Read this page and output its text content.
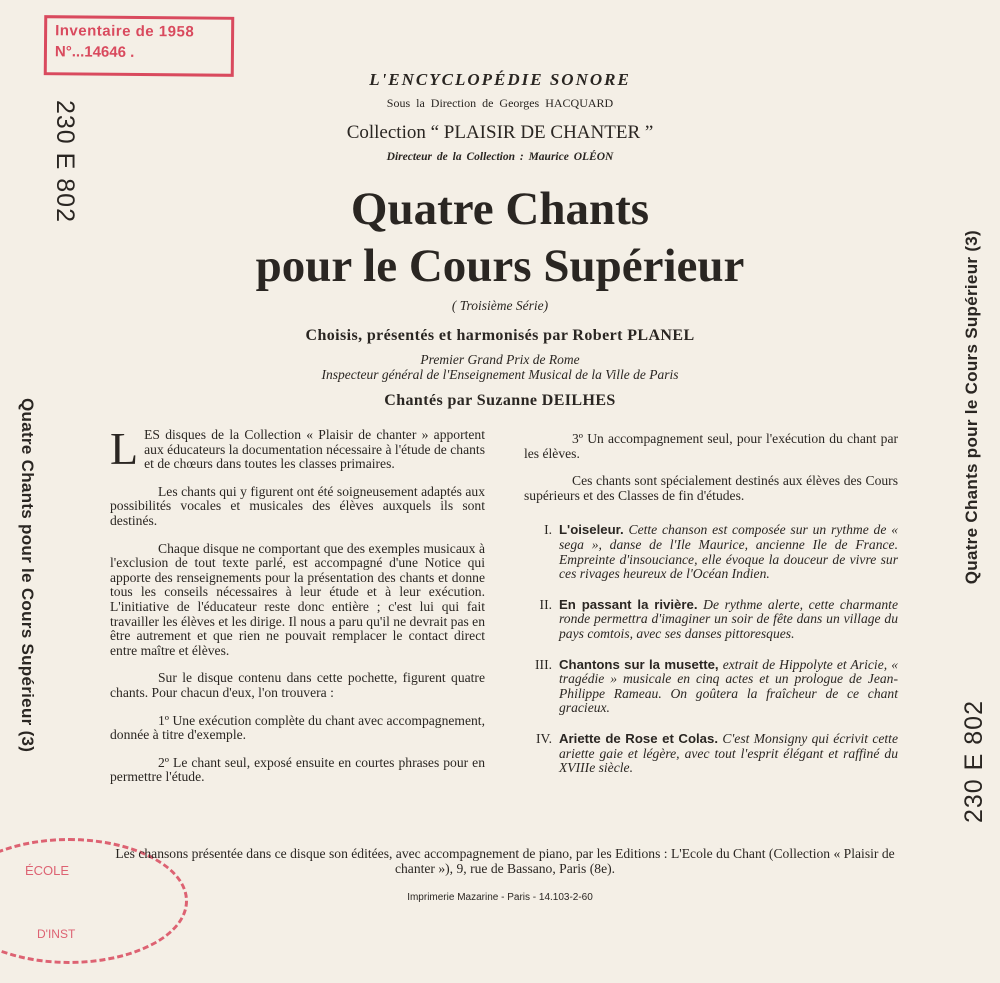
Inventaire de 1958
N°...14646 .
ÉCOLE
D'INST
230 E 802
Quatre Chants pour le Cours Supérieur (3)	Quatre Chants pour le Cours Supérieur (3)
230 E 802
L'ENCYCLOPÉDIE SONORE
Sous la Direction de Georges HACQUARD
Collection “ PLAISIR DE CHANTER ”
Directeur de la Collection : Maurice OLÉON
Quatre Chants
pour le Cours Supérieur
( Troisième Série)
Choisis, présentés et harmonisés par Robert PLANEL
Premier Grand Prix de Rome
Inspecteur général de l'Enseignement Musical de la Ville de Paris
Chantés par Suzanne DEILHES

LES disques de la Collection « Plaisir de chanter » apportent aux éducateurs la documentation nécessaire à l'étude de chants et de chœurs dans toutes les classes primaires.

Les chants qui y figurent ont été soigneusement adaptés aux possibilités vocales et musicales des élèves auxquels ils sont destinés.

Chaque disque ne comportant que des exemples musicaux à l'exclusion de tout texte parlé, est accompagné d'une Notice qui apporte des renseignements pour la présentation des chants et donne tous les conseils nécessaires à leur étude et à leur exécution. L'initiative de l'éducateur reste donc entière ; c'est lui qui fait travailler les élèves et les dirige. Il nous a paru qu'il ne devrait pas en être autrement et que rien ne pouvait remplacer le contact direct entre maître et élèves.

Sur le disque contenu dans cette pochette, figurent quatre chants. Pour chacun d'eux, l'on trouvera :

1º Une exécution complète du chant avec accompagnement, donnée à titre d'exemple.

2º Le chant seul, exposé ensuite en courtes phrases pour en permettre l'étude.

3º Un accompagnement seul, pour l'exécution du chant par les élèves.

Ces chants sont spécialement destinés aux élèves des Cours supérieurs et des Classes de fin d'études.

I. L'oiseleur. Cette chanson est composée sur un rythme de « sega », danse de l'Ile Maurice, ancienne Ile de France. Empreinte d'insouciance, elle évoque la douceur de vivre sur ces rivages heureux de l'Océan Indien.
II. En passant la rivière. De rythme alerte, cette charmante ronde permettra d'imaginer un soir de fête dans un village du pays comtois, avec ses danses pittoresques.
III. Chantons sur la musette, extrait de Hippolyte et Aricie, « tragédie » musicale en cinq actes et un prologue de Jean-Philippe Rameau. On goûtera la fraîcheur de ce chant gracieux.
IV. Ariette de Rose et Colas. C'est Monsigny qui écrivit cette ariette gaie et légère, avec tout l'esprit élégant et raffiné du XVIIIe siècle.
Les chansons présentée dans ce disque son éditées, avec accompagnement de piano, par les Editions : L'Ecole du Chant (Collection « Plaisir de chanter »), 9, rue de Bassano, Paris (8e).
Imprimerie Mazarine - Paris - 14.103-2-60
